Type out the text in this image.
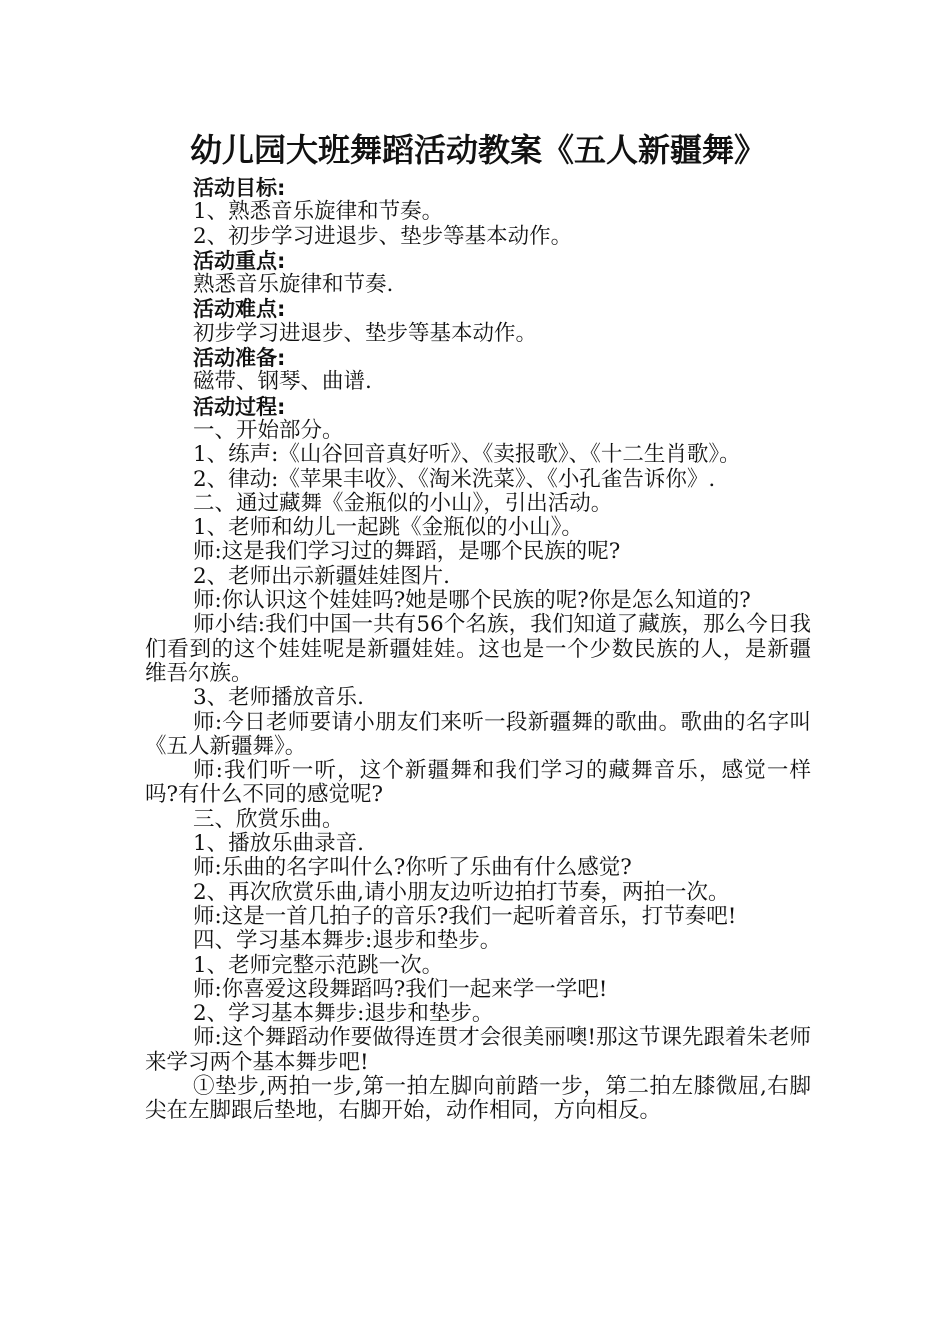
幼儿园大班舞蹈活动教案《五人新疆舞》
活动目标:
1、熟悉音乐旋律和节奏。
2、初步学习进退步、垫步等基本动作。
活动重点:
熟悉音乐旋律和节奏.
活动难点:
初步学习进退步、垫步等基本动作。
活动准备:
磁带、钢琴、曲谱.
活动过程:
一、开始部分。
1、练声:《山谷回音真好听》、《卖报歌》、《十二生肖歌》。
2、律动:《苹果丰收》、《淘米洗菜》、《小孔雀告诉你》.
二、通过藏舞《金瓶似的小山》，引出活动。
1、老师和幼儿一起跳《金瓶似的小山》。
师:这是我们学习过的舞蹈，是哪个民族的呢?
2、老师出示新疆娃娃图片.
师:你认识这个娃娃吗?她是哪个民族的呢?你是怎么知道的?
师小结:我们中国一共有56个名族，我们知道了藏族，那么今日我们看到的这个娃娃呢是新疆娃娃。这也是一个少数民族的人，是新疆维吾尔族。
3、老师播放音乐.
师:今日老师要请小朋友们来听一段新疆舞的歌曲。歌曲的名字叫《五人新疆舞》。
师:我们听一听，这个新疆舞和我们学习的藏舞音乐，感觉一样吗?有什么不同的感觉呢?
三、欣赏乐曲。
1、播放乐曲录音.
师:乐曲的名字叫什么?你听了乐曲有什么感觉?
2、再次欣赏乐曲,请小朋友边听边拍打节奏，两拍一次。
师:这是一首几拍子的音乐?我们一起听着音乐，打节奏吧!
四、学习基本舞步:退步和垫步。
1、老师完整示范跳一次。
师:你喜爱这段舞蹈吗?我们一起来学一学吧!
2、学习基本舞步:退步和垫步。
师:这个舞蹈动作要做得连贯才会很美丽噢!那这节课先跟着朱老师来学习两个基本舞步吧!
①垫步,两拍一步,第一拍左脚向前踏一步，第二拍左膝微屈,右脚尖在左脚跟后垫地，右脚开始，动作相同，方向相反。
